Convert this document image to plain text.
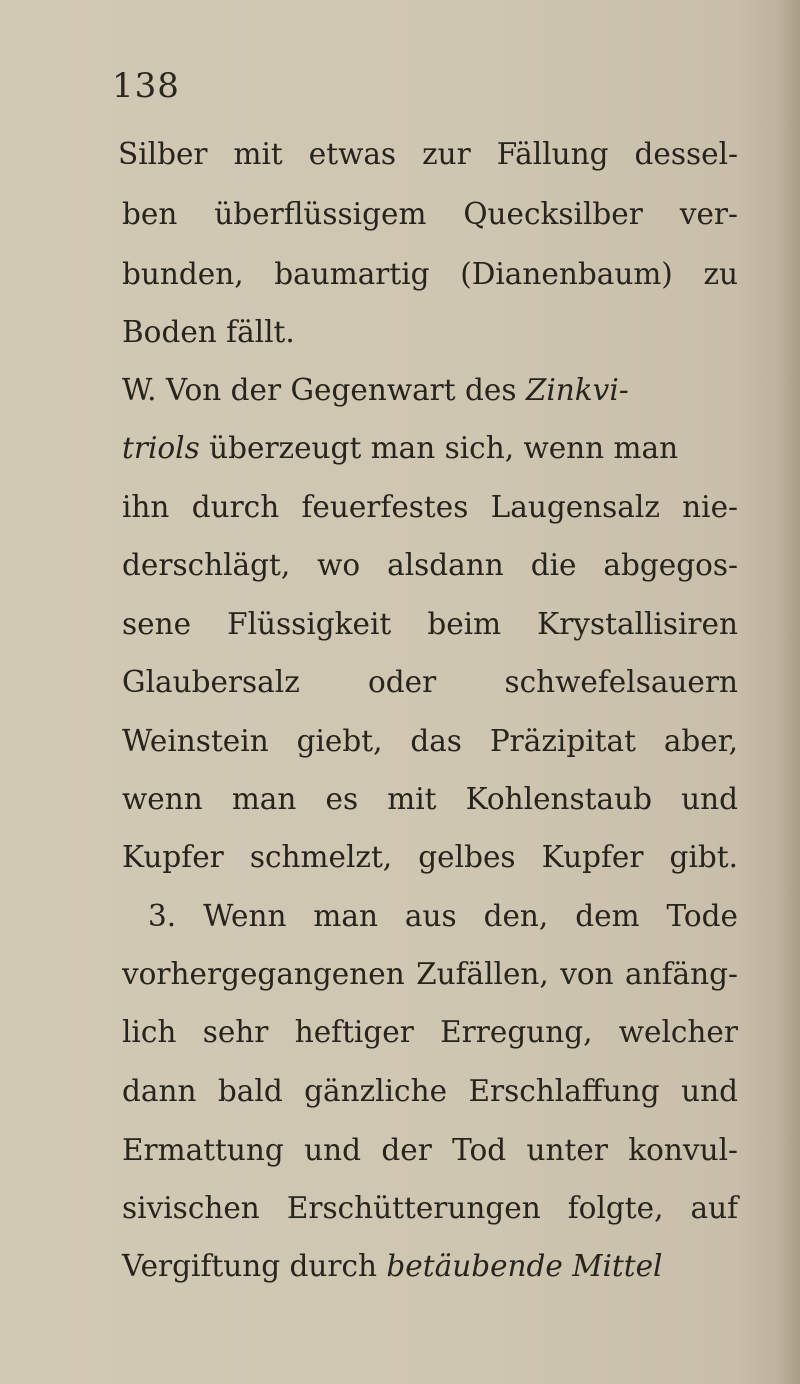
138

Silber mit etwas zur Fällung dessel-

ben überflüssigem Quecksilber ver-

bunden, baumartig (Dianenbaum) zu

Boden fällt.

W. Von der Gegenwart des Zinkvi-

triols überzeugt man sich, wenn man

ihn durch feuerfestes Laugensalz nie-

derschlägt, wo alsdann die abgegos-

sene Flüssigkeit beim Krystallisiren

Glaubersalz oder schwefelsauern

Weinstein giebt, das Präzipitat aber,

wenn man es mit Kohlenstaub und

Kupfer schmelzt, gelbes Kupfer gibt.

3. Wenn man aus den, dem Tode

vorhergegangenen Zufällen, von anfäng-

lich sehr heftiger Erregung, welcher

dann bald gänzliche Erschlaffung und

Ermattung und der Tod unter konvul-

sivischen Erschütterungen folgte, auf

Vergiftung durch betäubende Mittel
